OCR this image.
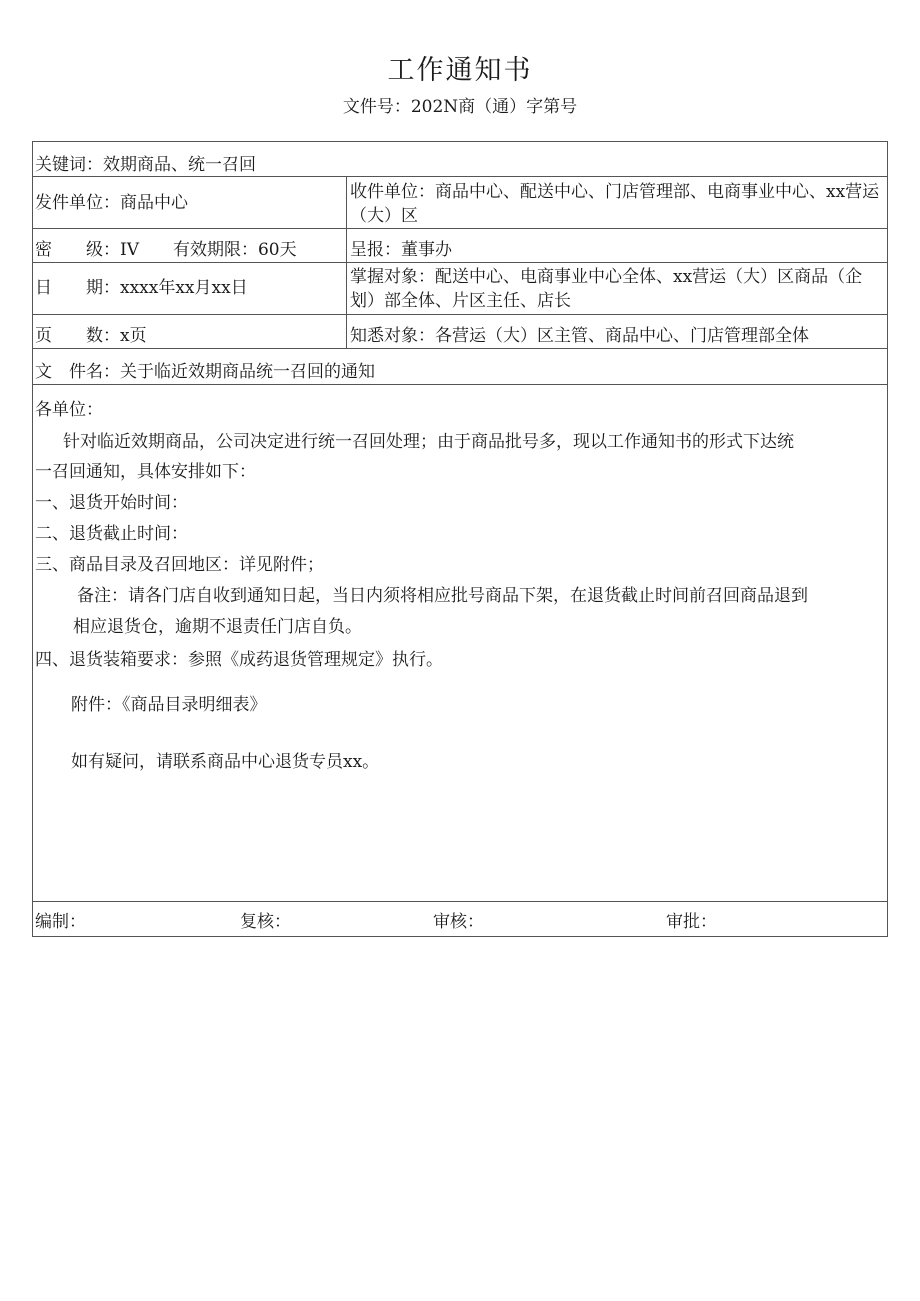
工作通知书
文件号：202N商（通）字第号
关键词：效期商品、统一召回
发件单位：商品中心
收件单位：商品中心、配送中心、门店管理部、电商事业中心、xx营运（大）区
密　　级：IV　　有效期限：60天	呈报：董事办
日　　期：xxxx年xx月xx日
掌握对象：配送中心、电商事业中心全体、xx营运（大）区商品（企划）部全体、片区主任、店长
页　　数：x页	知悉对象：各营运（大）区主管、商品中心、门店管理部全体
文　件名：关于临近效期商品统一召回的通知
各单位：
针对临近效期商品，公司决定进行统一召回处理；由于商品批号多，现以工作通知书的形式下达统
一召回通知，具体安排如下：
一、退货开始时间：
二、退货截止时间：
三、商品目录及召回地区：详见附件；
备注：请各门店自收到通知日起，当日内须将相应批号商品下架，在退货截止时间前召回商品退到
相应退货仓，逾期不退责任门店自负。
四、退货装箱要求：参照《成药退货管理规定》执行。
附件：《商品目录明细表》
如有疑问，请联系商品中心退货专员xx。
编制：	复核：	审核：	审批：
